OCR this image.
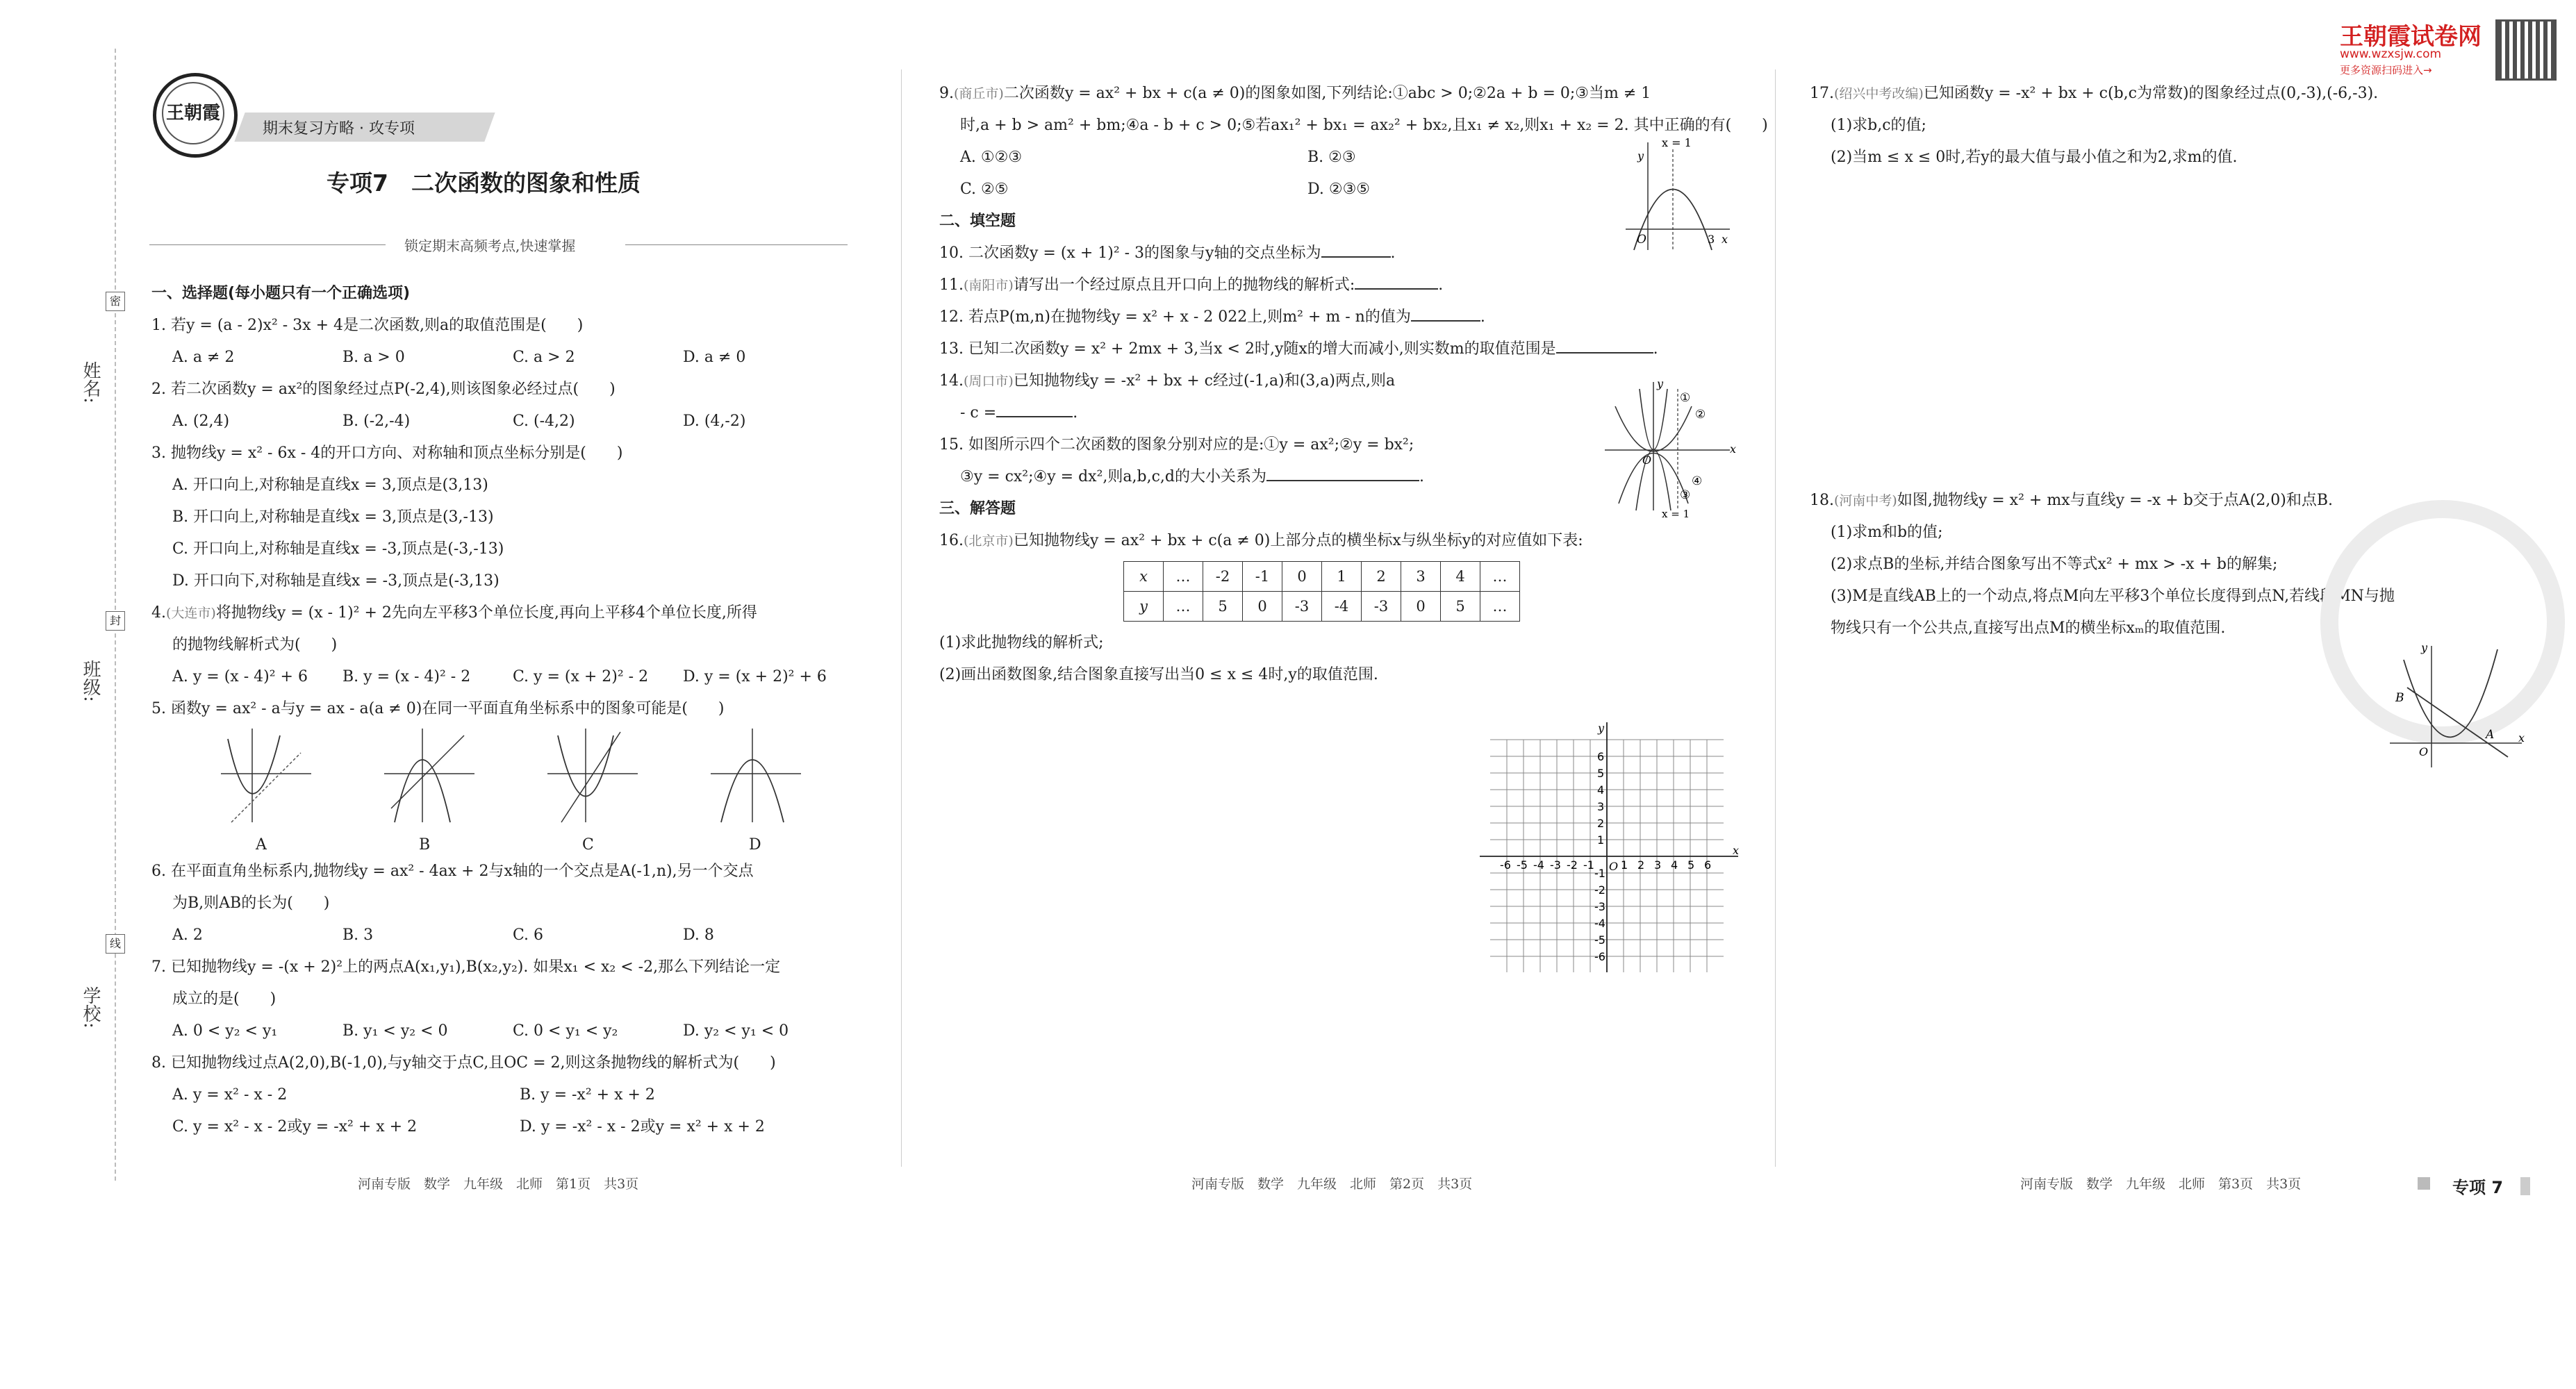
姓名:
班级:
学校:
密
封
线
王朝霞
期末复习方略 · 攻专项
专项7　二次函数的图象和性质
锁定期末高频考点,快速掌握
一、选择题(每小题只有一个正确选项)
1. 若y = (a - 2)x² - 3x + 4是二次函数,则a的取值范围是(　　)
A. a ≠ 2	B. a > 0	C. a > 2	D. a ≠ 0
2. 若二次函数y = ax²的图象经过点P(-2,4),则该图象必经过点(　　)
A. (2,4)	B. (-2,-4)	C. (-4,2)	D. (4,-2)
3. 抛物线y = x² - 6x - 4的开口方向、对称轴和顶点坐标分别是(　　)
A. 开口向上,对称轴是直线x = 3,顶点是(3,13)
B. 开口向上,对称轴是直线x = 3,顶点是(3,-13)
C. 开口向上,对称轴是直线x = -3,顶点是(-3,-13)
D. 开口向下,对称轴是直线x = -3,顶点是(-3,13)
4.(大连市)将抛物线y = (x - 1)² + 2先向左平移3个单位长度,再向上平移4个单位长度,所得
的抛物线解析式为(　　)
A. y = (x - 4)² + 6	B. y = (x - 4)² - 2	C. y = (x + 2)² - 2	D. y = (x + 2)² + 6
5. 函数y = ax² - a与y = ax - a(a ≠ 0)在同一平面直角坐标系中的图象可能是(　　)
A	B	C	D
6. 在平面直角坐标系内,抛物线y = ax² - 4ax + 2与x轴的一个交点是A(-1,n),另一个交点
为B,则AB的长为(　　)
A. 2	B. 3	C. 6	D. 8
7. 已知抛物线y = -(x + 2)²上的两点A(x₁,y₁),B(x₂,y₂). 如果x₁ < x₂ < -2,那么下列结论一定
成立的是(　　)
A. 0 < y₂ < y₁	B. y₁ < y₂ < 0	C. 0 < y₁ < y₂	D. y₂ < y₁ < 0
8. 已知抛物线过点A(2,0),B(-1,0),与y轴交于点C,且OC = 2,则这条抛物线的解析式为(　　)
A. y = x² - x - 2	B. y = -x² + x + 2
C. y = x² - x - 2或y = -x² + x + 2	D. y = -x² - x - 2或y = x² + x + 2
河南专版　数学　九年级　北师　第1页　共3页
9.(商丘市)二次函数y = ax² + bx + c(a ≠ 0)的图象如图,下列结论:①abc > 0;②2a + b = 0;③当m ≠ 1
时,a + b > am² + bm;④a - b + c > 0;⑤若ax₁² + bx₁ = ax₂² + bx₂,且x₁ ≠ x₂,则x₁ + x₂ = 2. 其中正确的有(　　)
A. ①②③	B. ②③
C. ②⑤	D. ②③⑤
二、填空题
10. 二次函数y = (x + 1)² - 3的图象与y轴的交点坐标为	.
11.(南阳市)请写出一个经过原点且开口向上的抛物线的解析式:	.
12. 若点P(m,n)在抛物线y = x² + x - 2 022上,则m² + m - n的值为	.
13. 已知二次函数y = x² + 2mx + 3,当x < 2时,y随x的增大而减小,则实数m的取值范围是	.
14.(周口市)已知抛物线y = -x² + bx + c经过(-1,a)和(3,a)两点,则a
- c =	.
15. 如图所示四个二次函数的图象分别对应的是:①y = ax²;②y = bx²;
③y = cx²;④y = dx²,则a,b,c,d的大小关系为	.
三、解答题
16.(北京市)已知抛物线y = ax² + bx + c(a ≠ 0)上部分点的横坐标x与纵坐标y的对应值如下表:
x	…	-2	-1	0	1	2	3	4	…
y	…	5	0	-3	-4	-3	0	5	…
(1)求此抛物线的解析式;
(2)画出函数图象,结合图象直接写出当0 ≤ x ≤ 4时,y的取值范围.
x = 1
O	3 x
y
①
②
③
④
x = 1
O
x
y
-6 -5 -4 -3 -2 -1 1 2 3 4 5 6
6
5
4
3
2
1
-1
-2
-3
-4
-5
-6
O
x
y
河南专版　数学　九年级　北师　第2页　共3页
王朝霞试卷网
www.wzxsjw.com
更多资源扫码进入→
17.(绍兴中考改编)已知函数y = -x² + bx + c(b,c为常数)的图象经过点(0,-3),(-6,-3).
(1)求b,c的值;
(2)当m ≤ x ≤ 0时,若y的最大值与最小值之和为2,求m的值.
18.(河南中考)如图,抛物线y = x² + mx与直线y = -x + b交于点A(2,0)和点B.
(1)求m和b的值;
(2)求点B的坐标,并结合图象写出不等式x² + mx > -x + b的解集;
(3)M是直线AB上的一个动点,将点M向左平移3个单位长度得到点N,若线段MN与抛
物线只有一个公共点,直接写出点M的横坐标xₘ的取值范围.
B
A
O
x
y
河南专版　数学　九年级　北师　第3页　共3页	专项 7
